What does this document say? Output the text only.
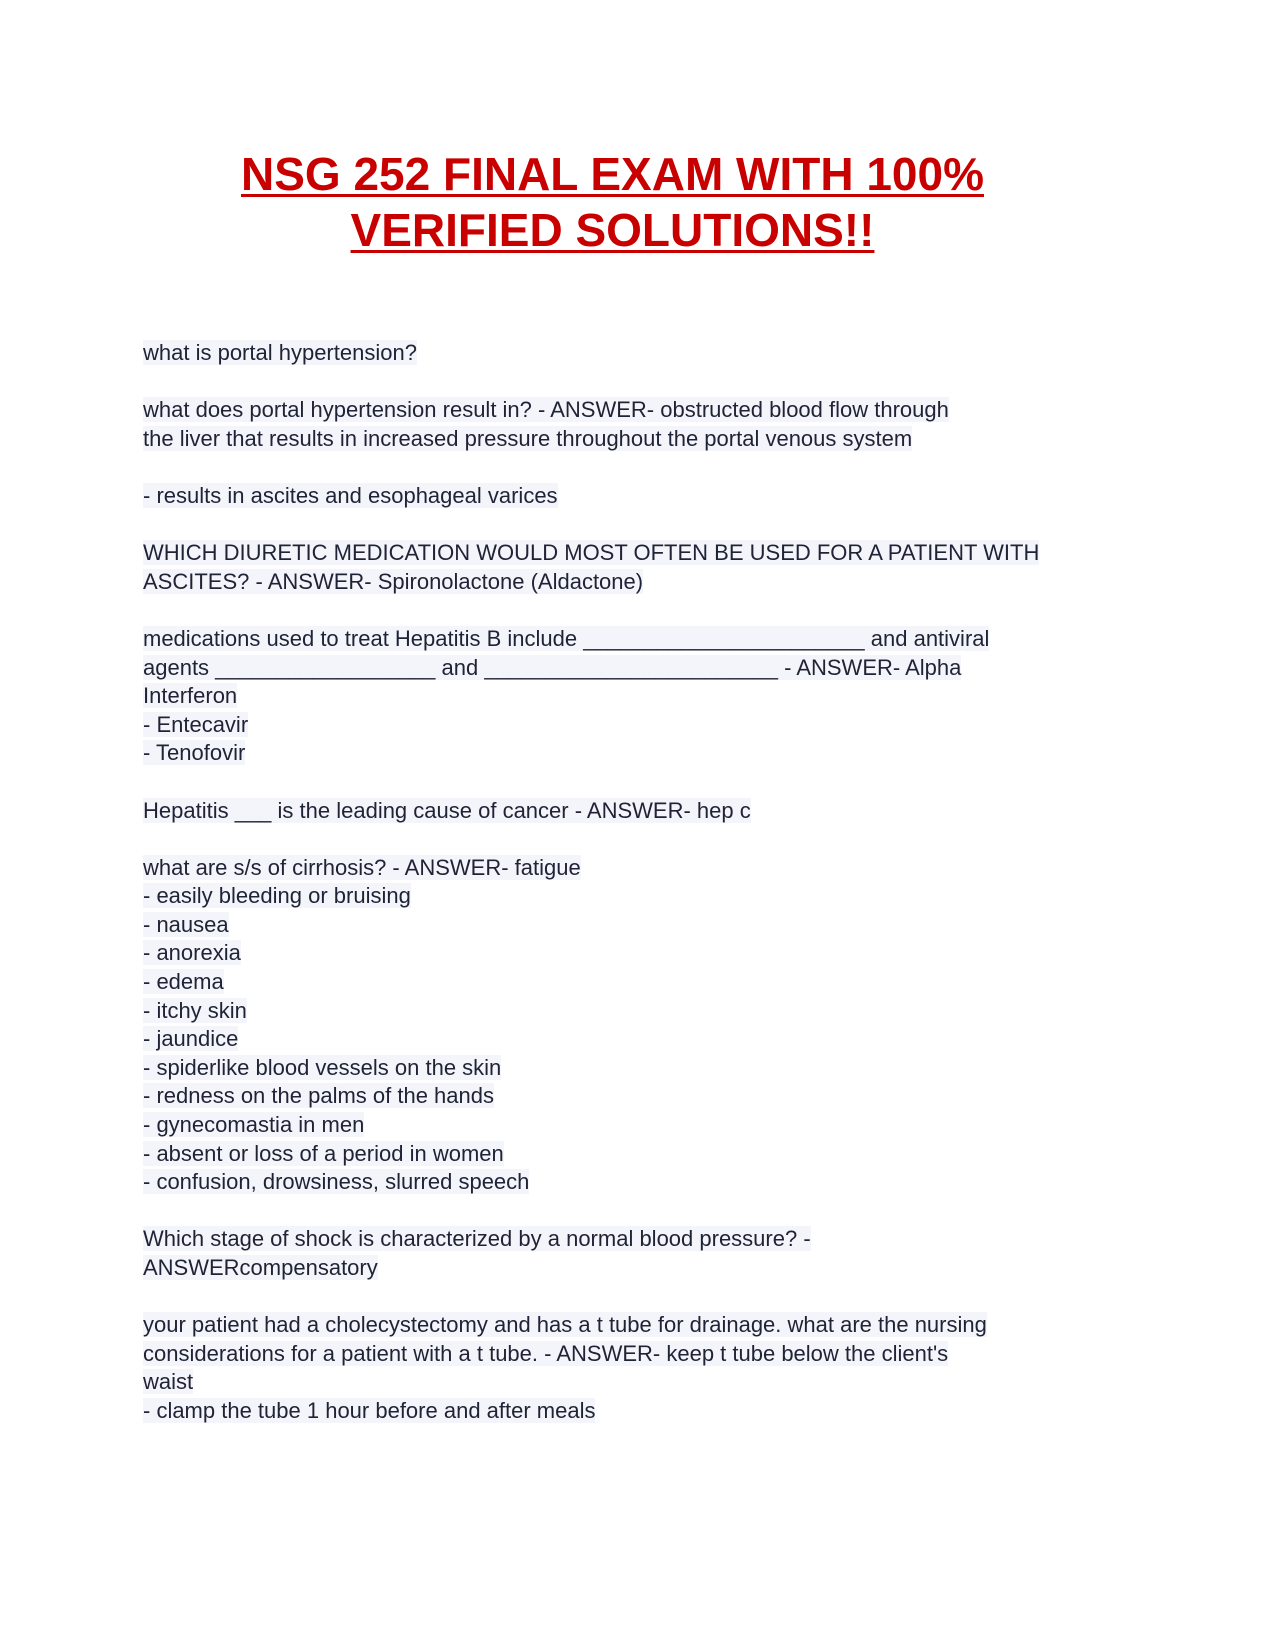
NSG 252 FINAL EXAM WITH 100%
VERIFIED SOLUTIONS!!
what is portal hypertension?
what does portal hypertension result in? - ANSWER- obstructed blood flow through
the liver that results in increased pressure throughout the portal venous system
- results in ascites and esophageal varices
WHICH DIURETIC MEDICATION WOULD MOST OFTEN BE USED FOR A PATIENT WITH
ASCITES? - ANSWER- Spironolactone (Aldactone)
medications used to treat Hepatitis B include _______________________ and antiviral
agents __________________ and ________________________ - ANSWER- Alpha
Interferon
- Entecavir
- Tenofovir
Hepatitis ___ is the leading cause of cancer - ANSWER- hep c
what are s/s of cirrhosis? - ANSWER- fatigue
- easily bleeding or bruising
- nausea
- anorexia
- edema
- itchy skin
- jaundice
- spiderlike blood vessels on the skin
- redness on the palms of the hands
- gynecomastia in men
- absent or loss of a period in women
- confusion, drowsiness, slurred speech
Which stage of shock is characterized by a normal blood pressure? -
ANSWERcompensatory
your patient had a cholecystectomy and has a t tube for drainage. what are the nursing
considerations for a patient with a t tube. - ANSWER- keep t tube below the client's
waist
- clamp the tube 1 hour before and after meals
